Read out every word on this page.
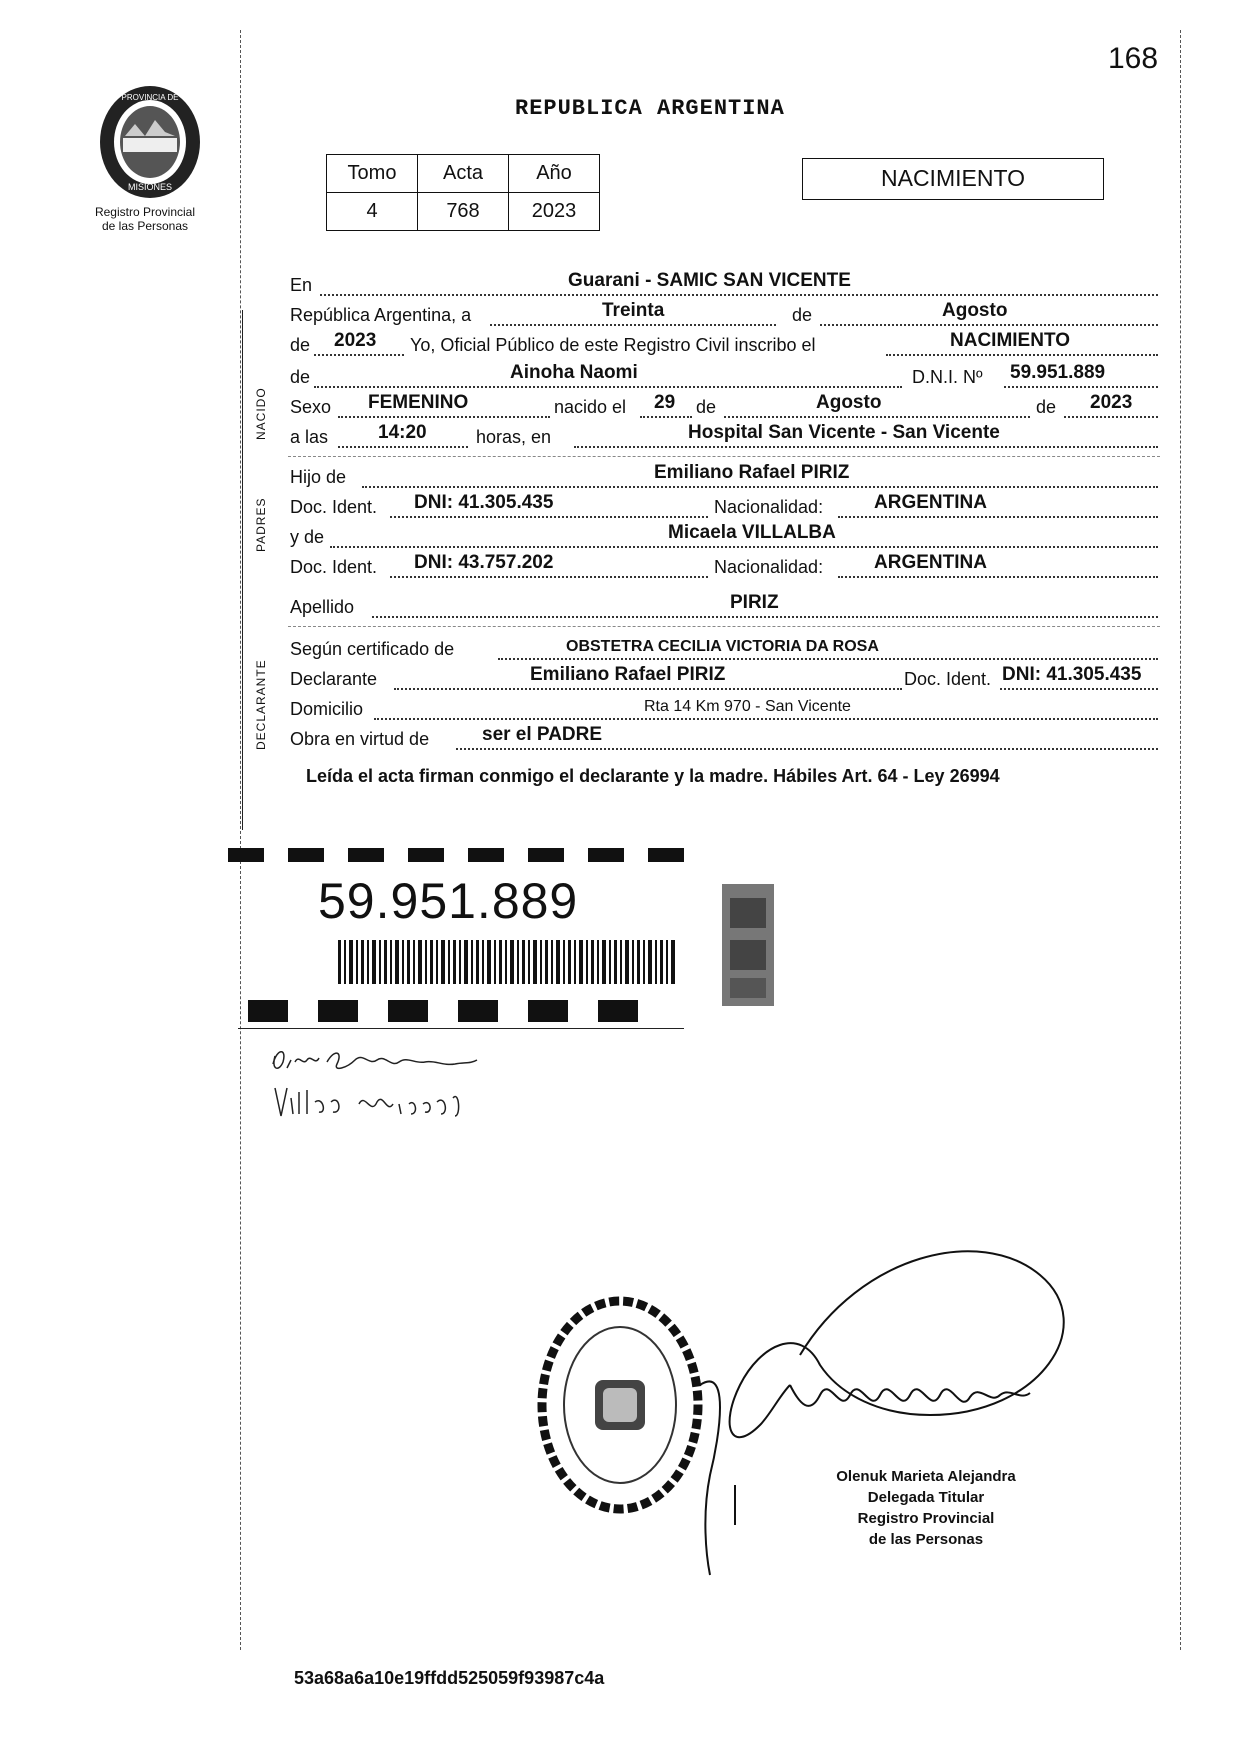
168
PROVINCIA DE
MISIONES
Registro Provincial
de las Personas
REPUBLICA ARGENTINA
Tomo	Acta	Año
4	768	2023
NACIMIENTO
NACIDO
PADRES
DECLARANTE
En	Guarani - SAMIC SAN VICENTE
República Argentina, a	Treinta	de	Agosto
de 2023 Yo, Oficial Público de este Registro Civil inscribo el	NACIMIENTO
de	Ainoha Naomi	D.N.I. Nº 59.951.889
Sexo FEMENINO	nacido el 29 de	Agosto	de 2023
a las	14:20	horas, en	Hospital San Vicente - San Vicente
Hijo de	Emiliano Rafael PIRIZ
Doc. Ident. DNI: 41.305.435	Nacionalidad:	ARGENTINA
y de	Micaela VILLALBA
Doc. Ident. DNI: 43.757.202	Nacionalidad:	ARGENTINA
Apellido	PIRIZ
Según certificado de	OBSTETRA CECILIA VICTORIA DA ROSA
Declarante	Emiliano Rafael PIRIZ	Doc. Ident. DNI: 41.305.435
Domicilio	Rta 14 Km 970 - San Vicente
Obra en virtud de	ser el PADRE
Leída el acta firman conmigo el declarante y la madre. Hábiles Art. 64 - Ley 26994
59.951.889
Olenuk Marieta Alejandra
Delegada Titular
Registro Provincial
de las Personas
53a68a6a10e19ffdd525059f93987c4a
